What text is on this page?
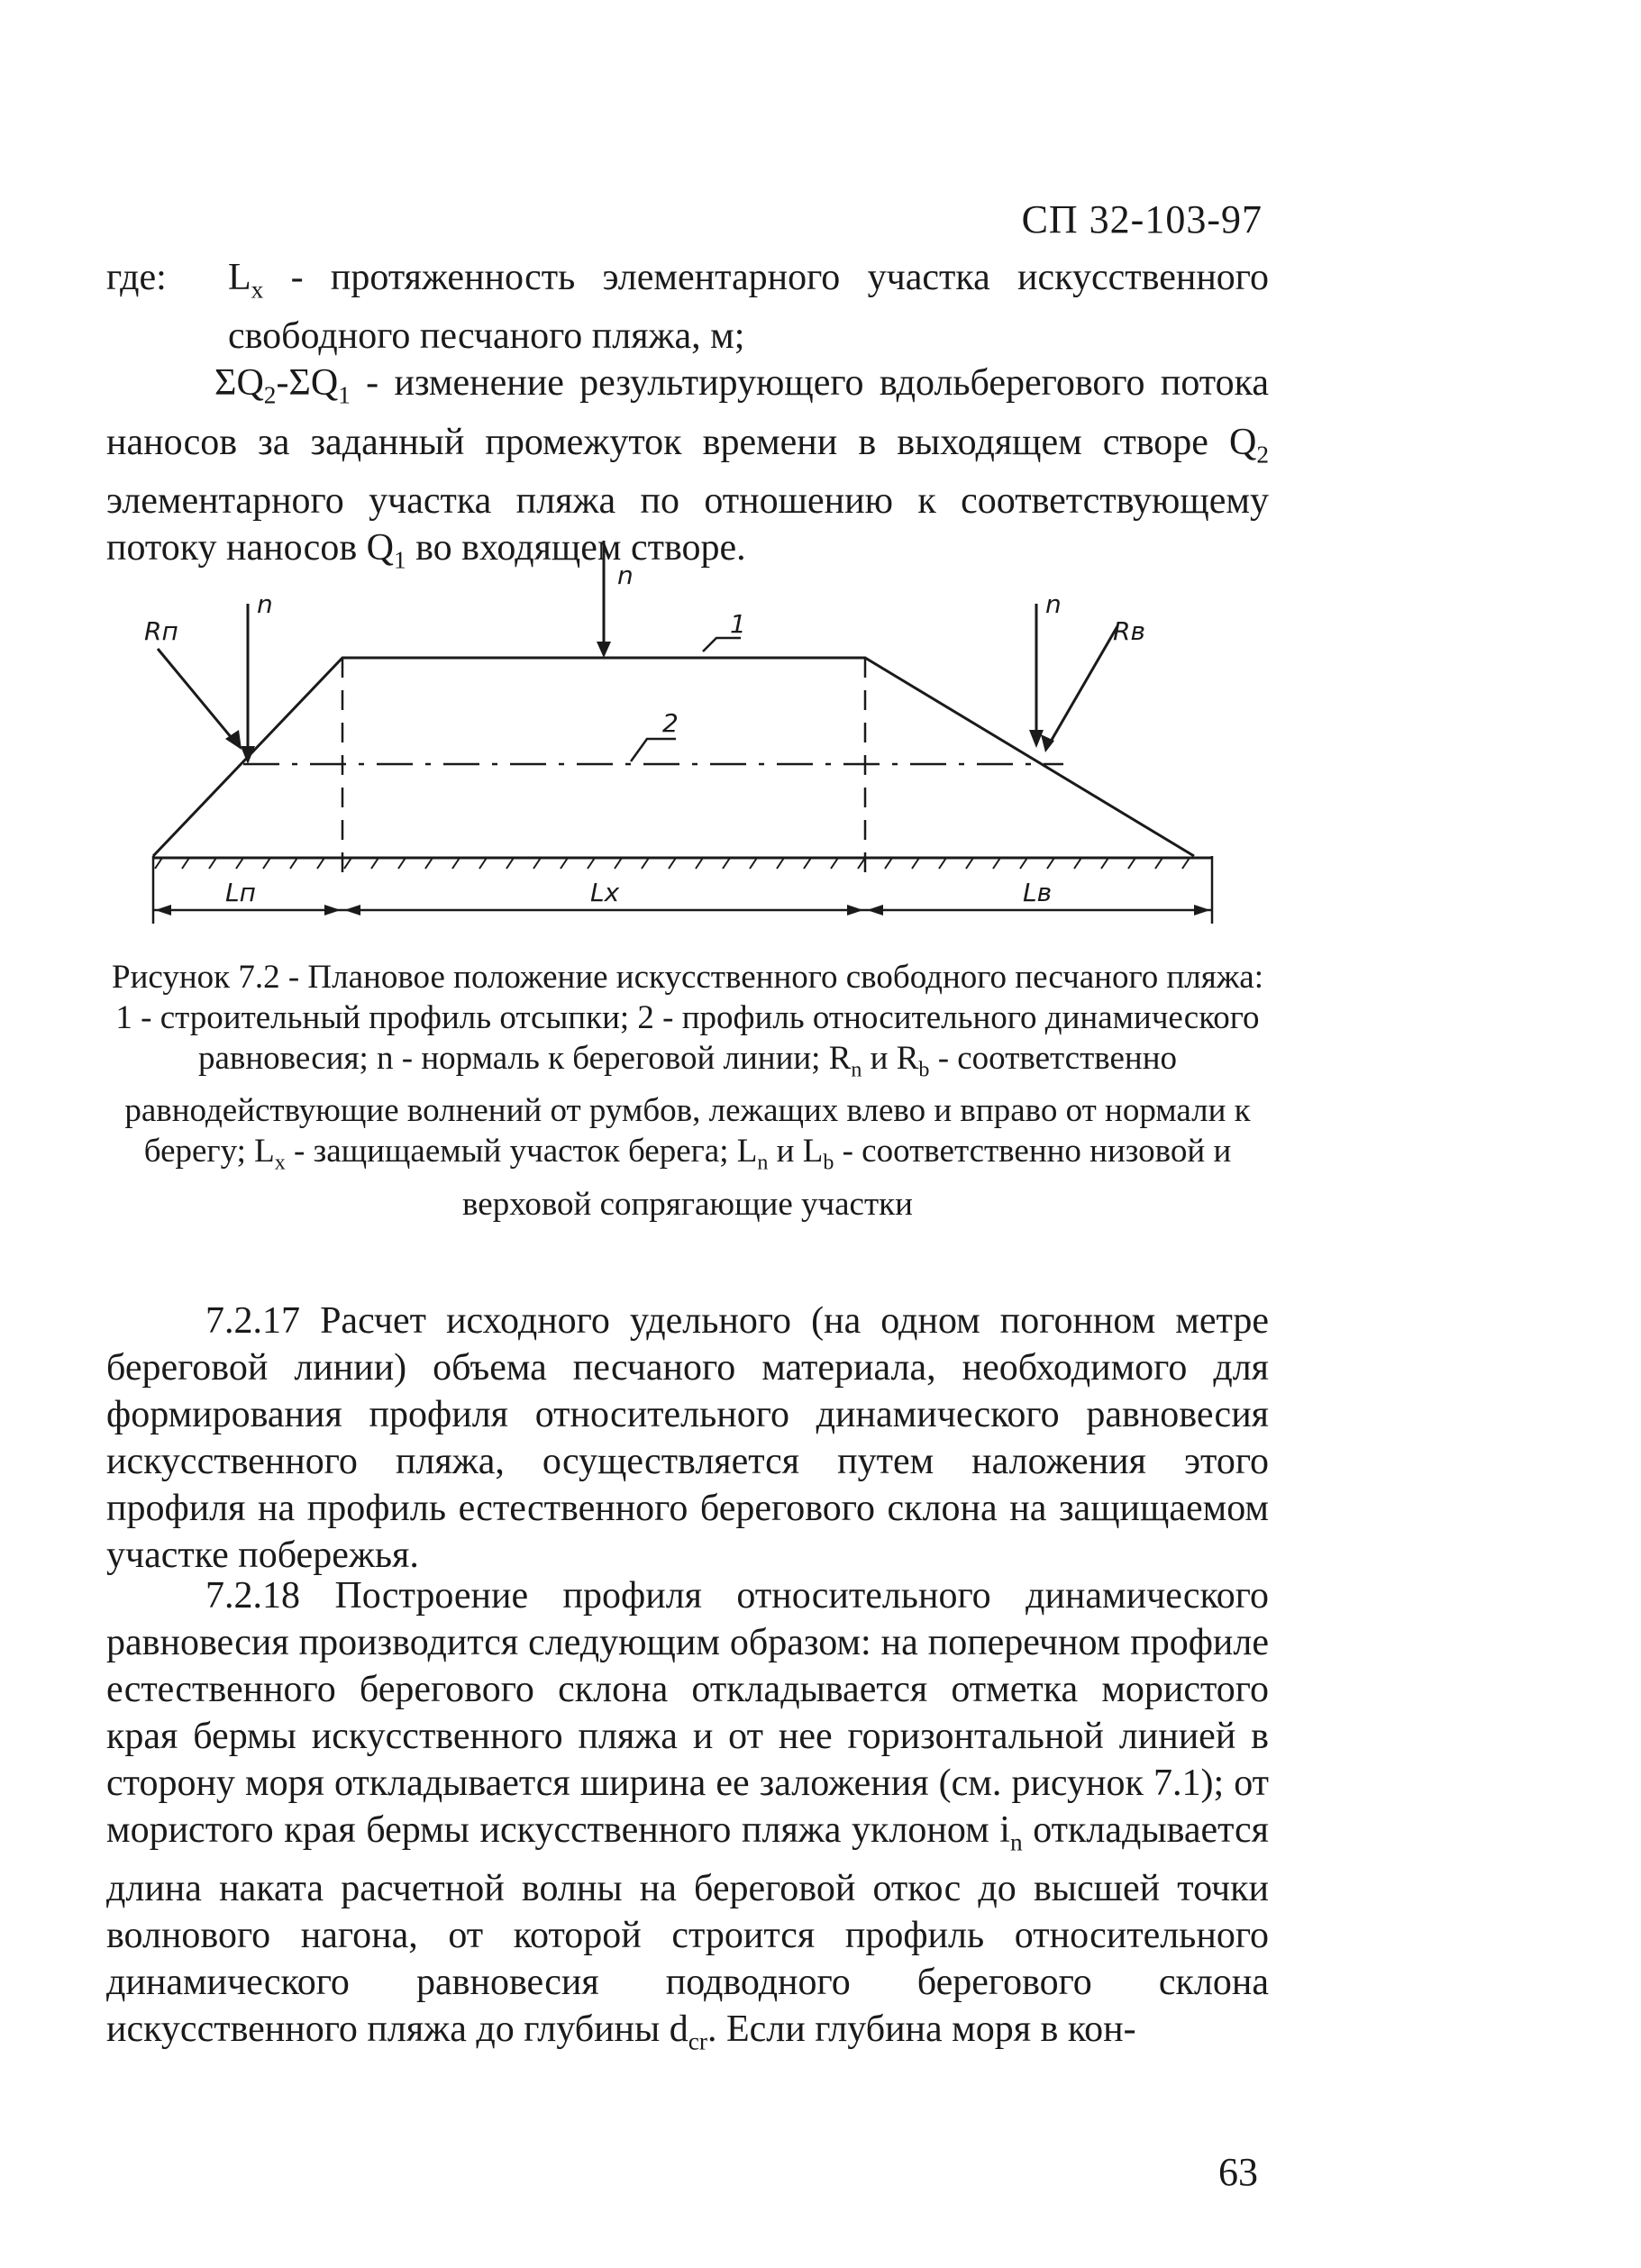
СП 32-103-97
где:	$L_x$ - протяженность элементарного участка искусственного свободного песчаного пляжа, м;

$\Sigma Q_2-\Sigma Q_1$ - изменение результирующего вдольберегового потока наносов за заданный промежуток времени в выходящем створе $Q_2$ элементарного участка пляжа по отношению к соответствующему потоку наносов $Q_1$ во входящем створе.

n
n	n
Rп	Rв
1
2
Lп	Lx	Lв

Рисунок 7.2 - Плановое положение искусственного свободного песчаного пляжа:

1 - строительный профиль отсыпки; 2 - профиль относительного динамического равновесия; n - нормаль к береговой линии; $R_n$ и $R_b$ - соответственно равнодействующие волнений от румбов, лежащих влево и вправо от нормали к берегу; $L_x$ - защищаемый участок берега; $L_n$ и $L_b$ - соответственно низовой и верховой сопрягающие участки

7.2.17 Расчет исходного удельного (на одном погонном метре береговой линии) объема песчаного материала, необходимого для формирования профиля относительного динамического равновесия искусственного пляжа, осуществляется путем наложения этого профиля на профиль естественного берегового склона на защищаемом участке побережья.

7.2.18 Построение профиля относительного динамического равновесия производится следующим образом: на поперечном профиле естественного берегового склона откладывается отметка мористого края бермы искусственного пляжа и от нее горизонтальной линией в сторону моря откладывается ширина ее заложения (см. рисунок 7.1); от мористого края бермы искусственного пляжа уклоном $i_n$ откладывается длина наката расчетной волны на береговой откос до высшей точки волнового нагона, от которой строится профиль относительного динамического равновесия подводного берегового склона искусственного пляжа до глубины $d_{cr}$. Если глубина моря в кон-

63
